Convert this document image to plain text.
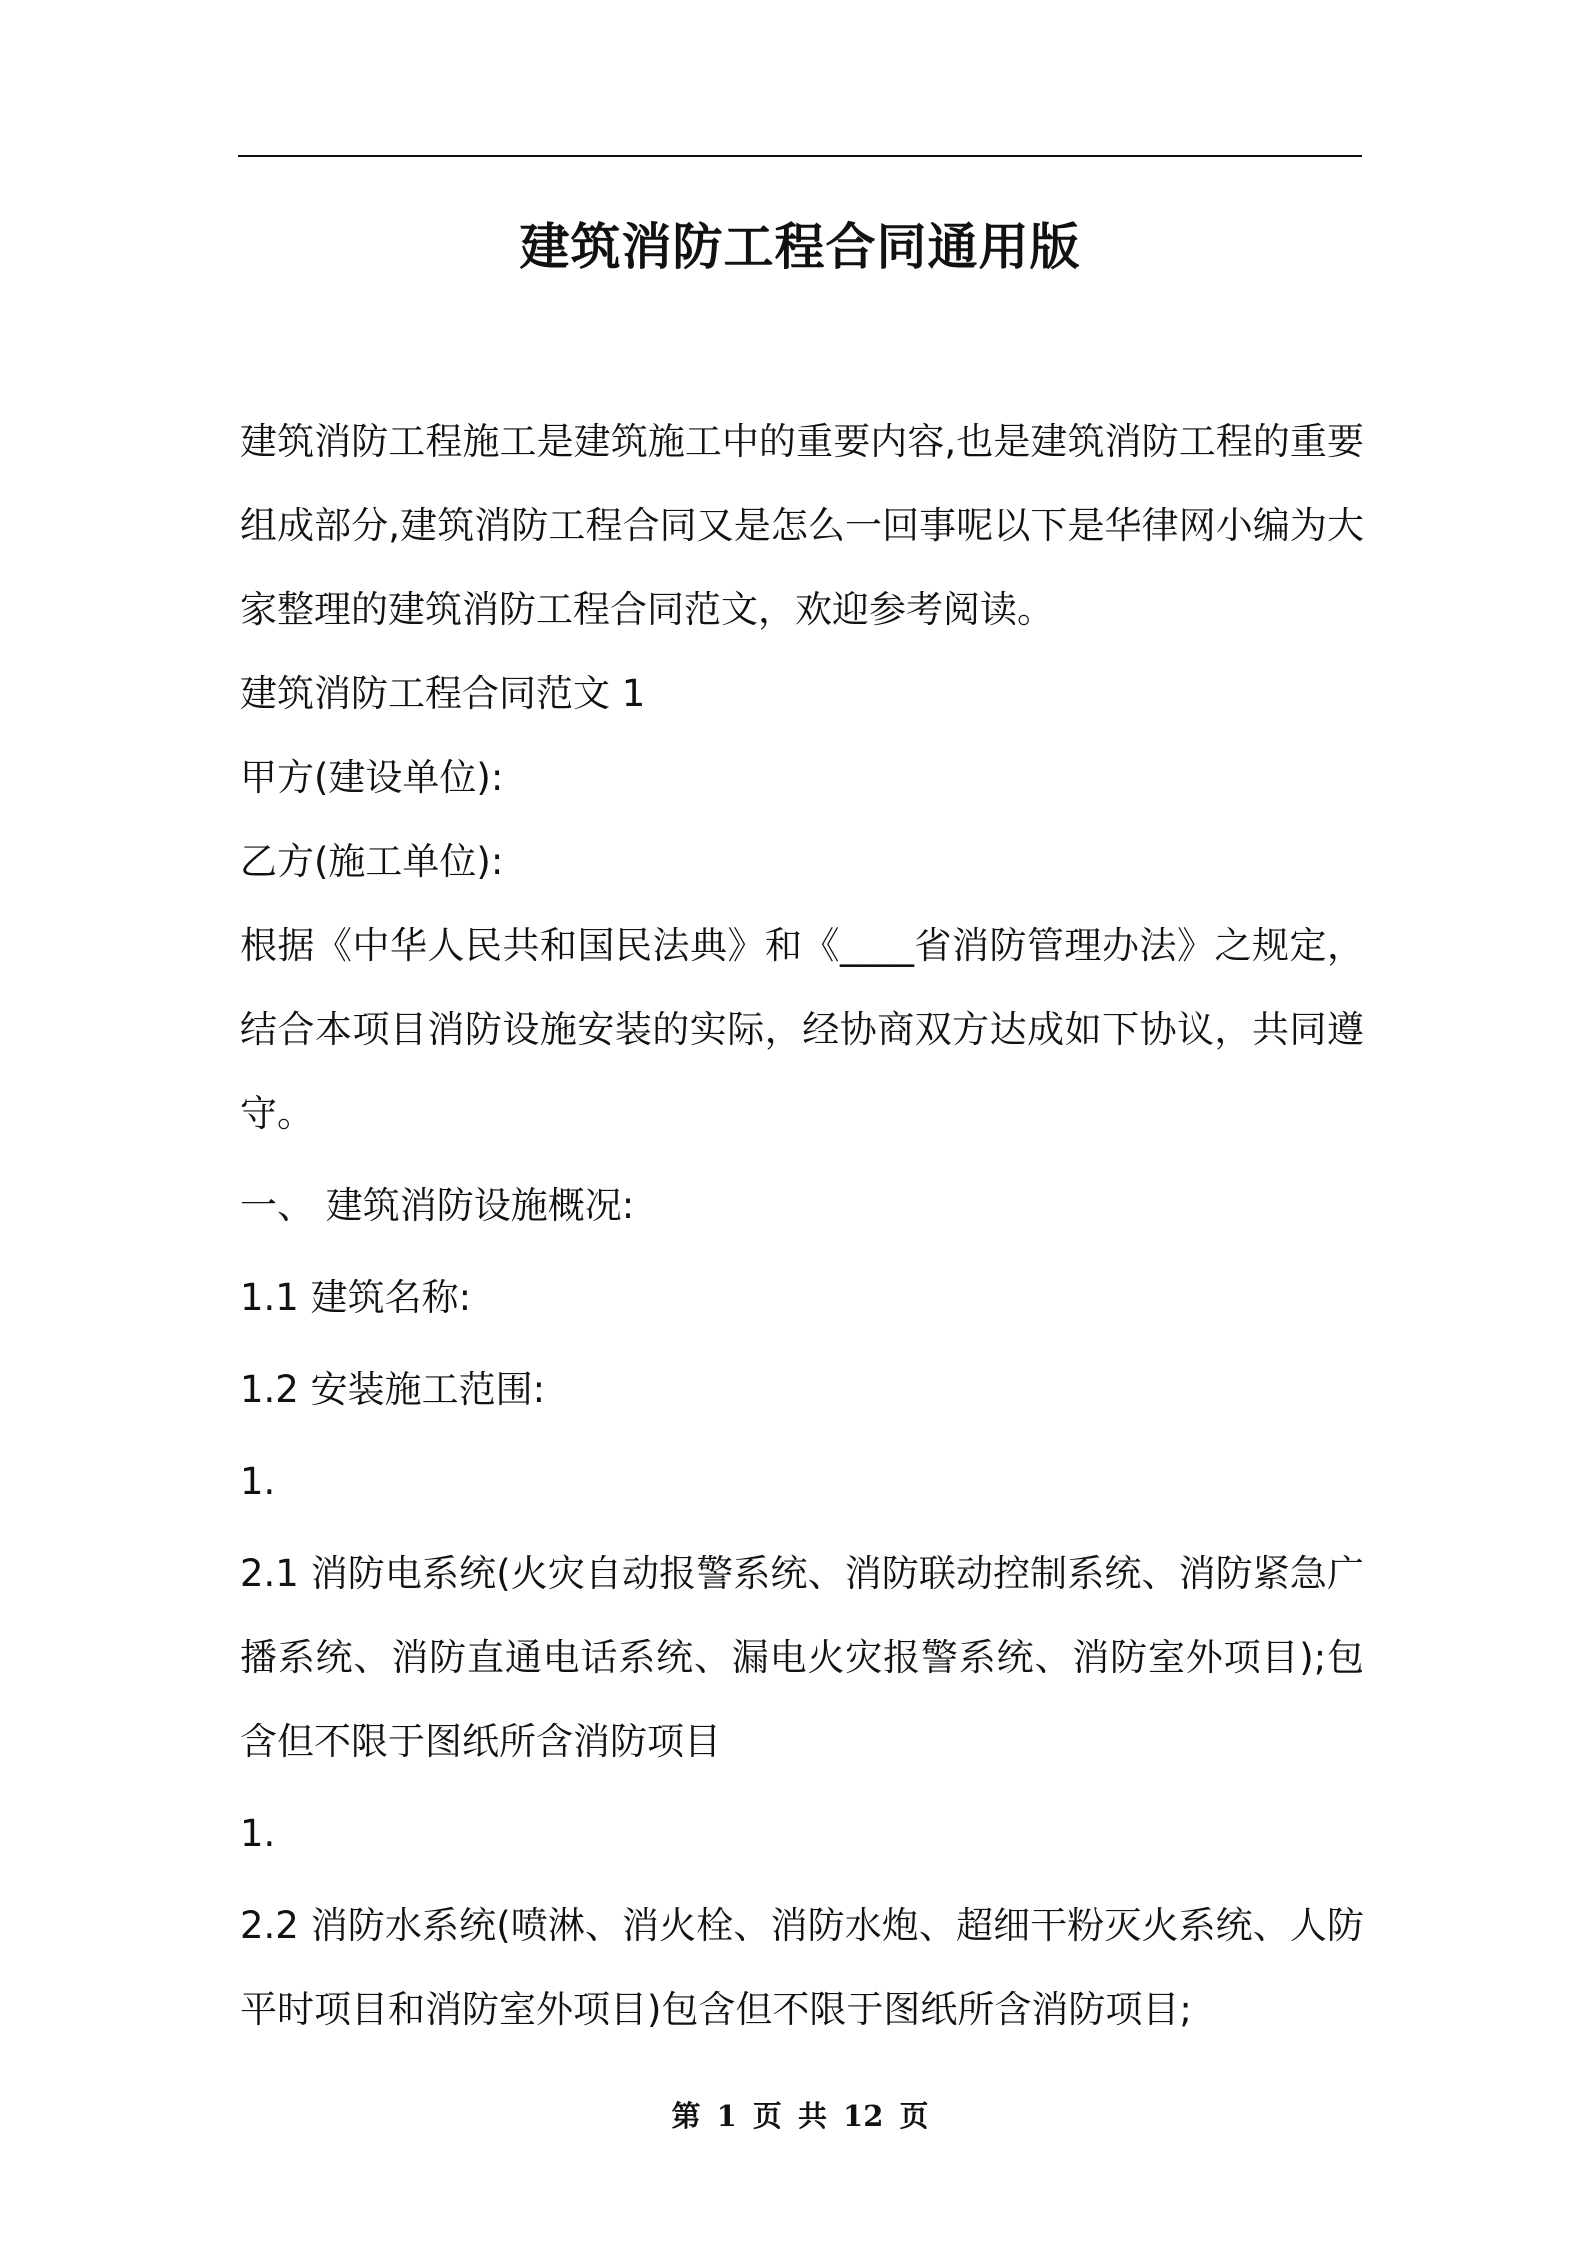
建筑消防工程合同通用版

建筑消防工程施工是建筑施工中的重要内容,也是建筑消防工程的重要组成部分,建筑消防工程合同又是怎么一回事呢以下是华律网小编为大家整理的建筑消防工程合同范文，欢迎参考阅读。

建筑消防工程合同范文 1

甲方(建设单位):

乙方(施工单位):

根据《中华人民共和国民法典》和《____省消防管理办法》之规定，结合本项目消防设施安装的实际，经协商双方达成如下协议，共同遵守。

一、 建筑消防设施概况:

1.1 建筑名称:

1.2 安装施工范围:

1.

2.1 消防电系统(火灾自动报警系统、消防联动控制系统、消防紧急广播系统、消防直通电话系统、漏电火灾报警系统、消防室外项目);包含但不限于图纸所含消防项目

1.

2.2 消防水系统(喷淋、消火栓、消防水炮、超细干粉灭火系统、人防平时项目和消防室外项目)包含但不限于图纸所含消防项目;

第 1 页 共 12 页
